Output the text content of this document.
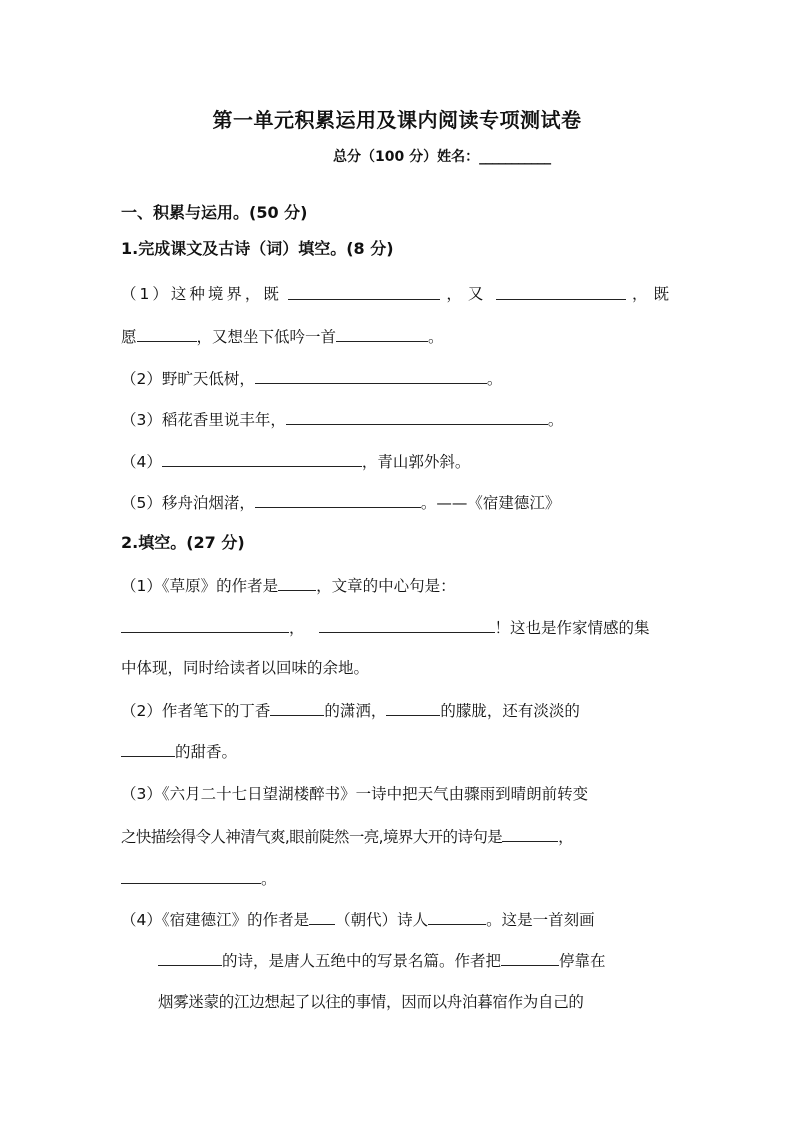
第一单元积累运用及课内阅读专项测试卷
总分（100 分）姓名：___________
一、积累与运用。(50 分)
1.完成课文及古诗（词）填空。(8 分)
（1）这种境界，既	，又	，既
愿	，又想坐下低吟一首	。
（2）野旷天低树，	。
（3）稻花香里说丰年，	。
（4）	，青山郭外斜。
（5）移舟泊烟渚，	。——《宿建德江》
2.填空。(27 分)
（1）《草原》的作者是 ，文章的中心句是：
，	！这也是作家情感的集
中体现，同时给读者以回味的余地。
（2）作者笔下的丁香	的潇洒，	的朦胧，还有淡淡的
的甜香。
（3）《六月二十七日望湖楼醉书》一诗中把天气由骤雨到晴朗前转变
之快描绘得令人神清气爽,眼前陡然一亮,境界大开的诗句是	，
。
（4）《宿建德江》的作者是 （朝代）诗人	。这是一首刻画
的诗，是唐人五绝中的写景名篇。作者把	停靠在
烟雾迷蒙的江边想起了以往的事情，因而以舟泊暮宿作为自己的
